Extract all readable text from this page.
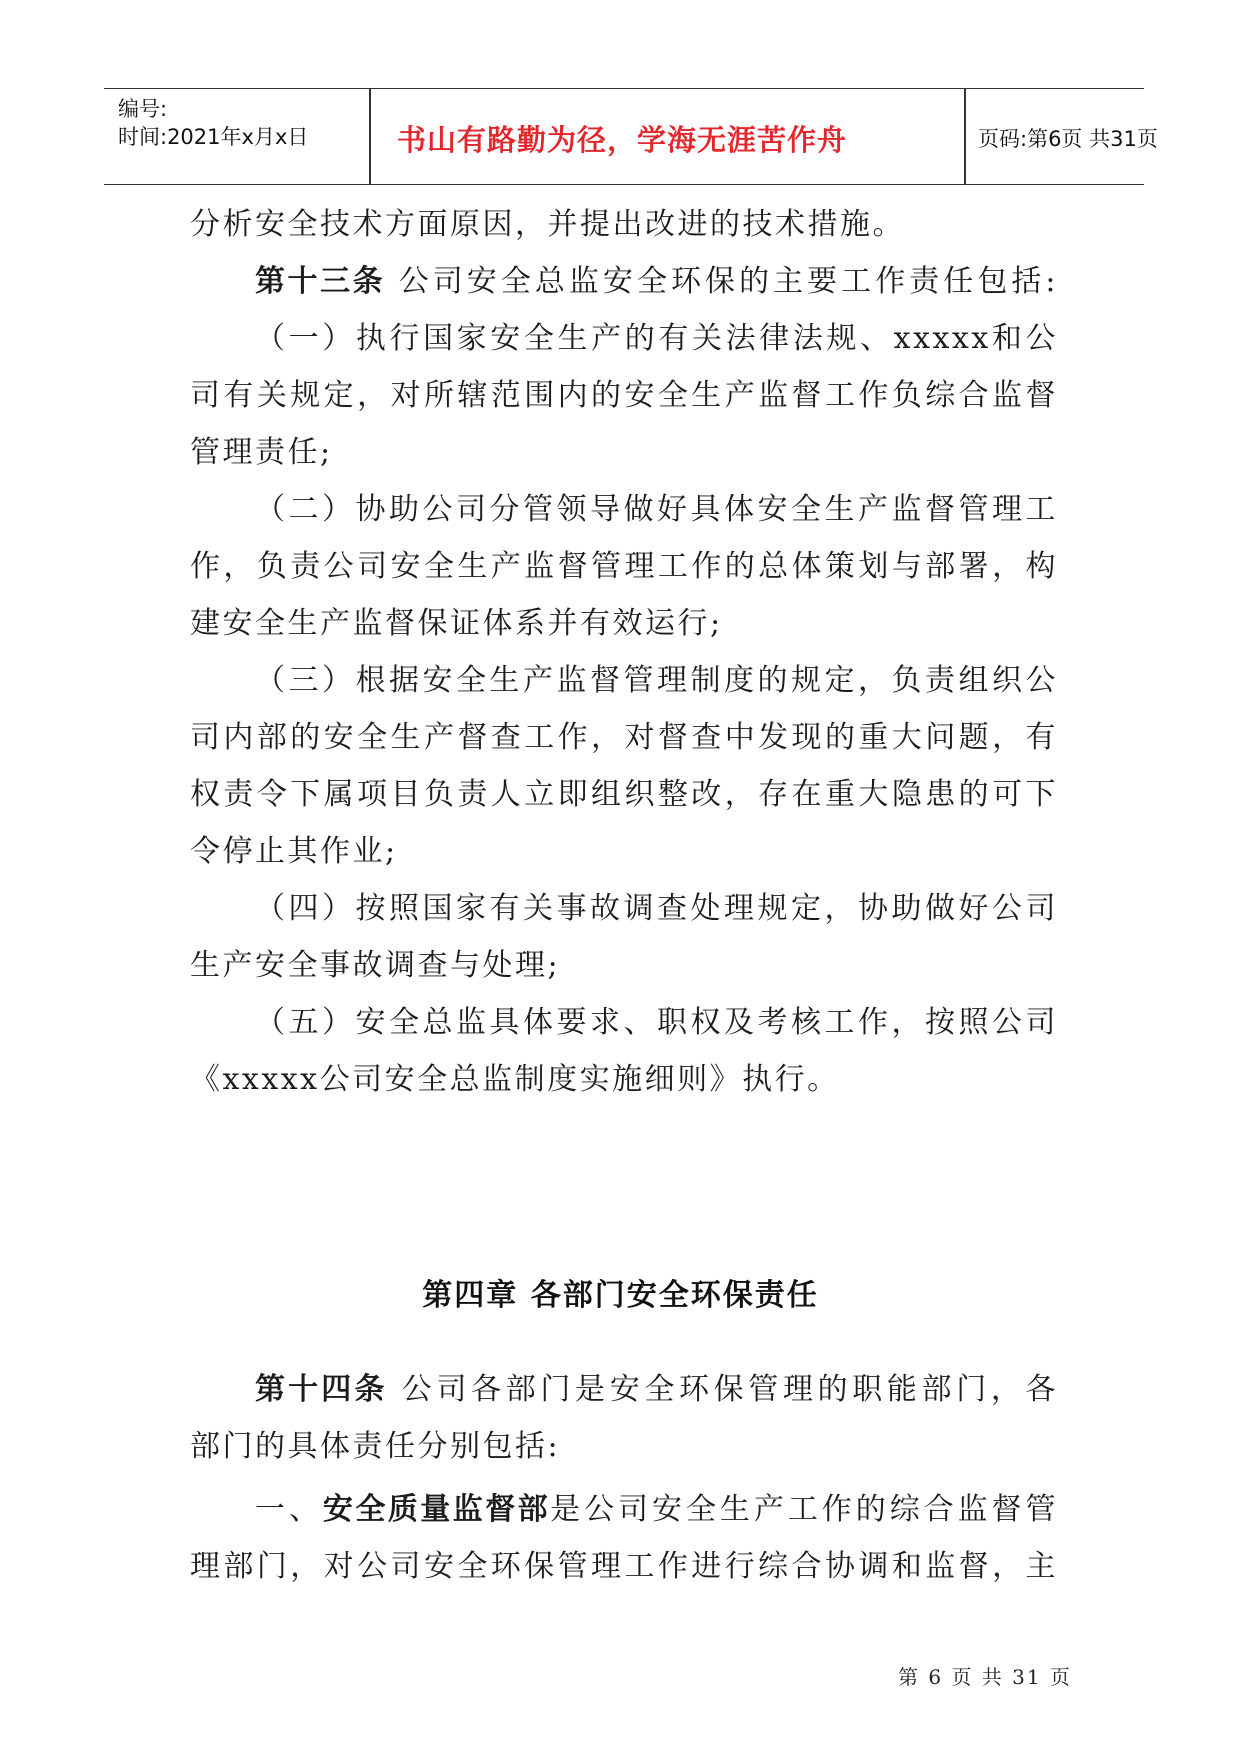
编号:
时间:2021年x月x日	书山有路勤为径，学海无涯苦作舟	页码:第6页 共31页
分析安全技术方面原因，并提出改进的技术措施。
第十三条 公司安全总监安全环保的主要工作责任包括:
（一）执行国家安全生产的有关法律法规、xxxxx和公
司有关规定，对所辖范围内的安全生产监督工作负综合监督
管理责任;
（二）协助公司分管领导做好具体安全生产监督管理工
作，负责公司安全生产监督管理工作的总体策划与部署，构
建安全生产监督保证体系并有效运行;
（三）根据安全生产监督管理制度的规定，负责组织公
司内部的安全生产督查工作，对督查中发现的重大问题，有
权责令下属项目负责人立即组织整改，存在重大隐患的可下
令停止其作业;
（四）按照国家有关事故调查处理规定，协助做好公司
生产安全事故调查与处理;
（五）安全总监具体要求、职权及考核工作，按照公司
《xxxxx公司安全总监制度实施细则》执行。
第四章 各部门安全环保责任
第十四条 公司各部门是安全环保管理的职能部门，各
部门的具体责任分别包括:
一、安全质量监督部是公司安全生产工作的综合监督管
理部门，对公司安全环保管理工作进行综合协调和监督，主
第 6 页 共 31 页
